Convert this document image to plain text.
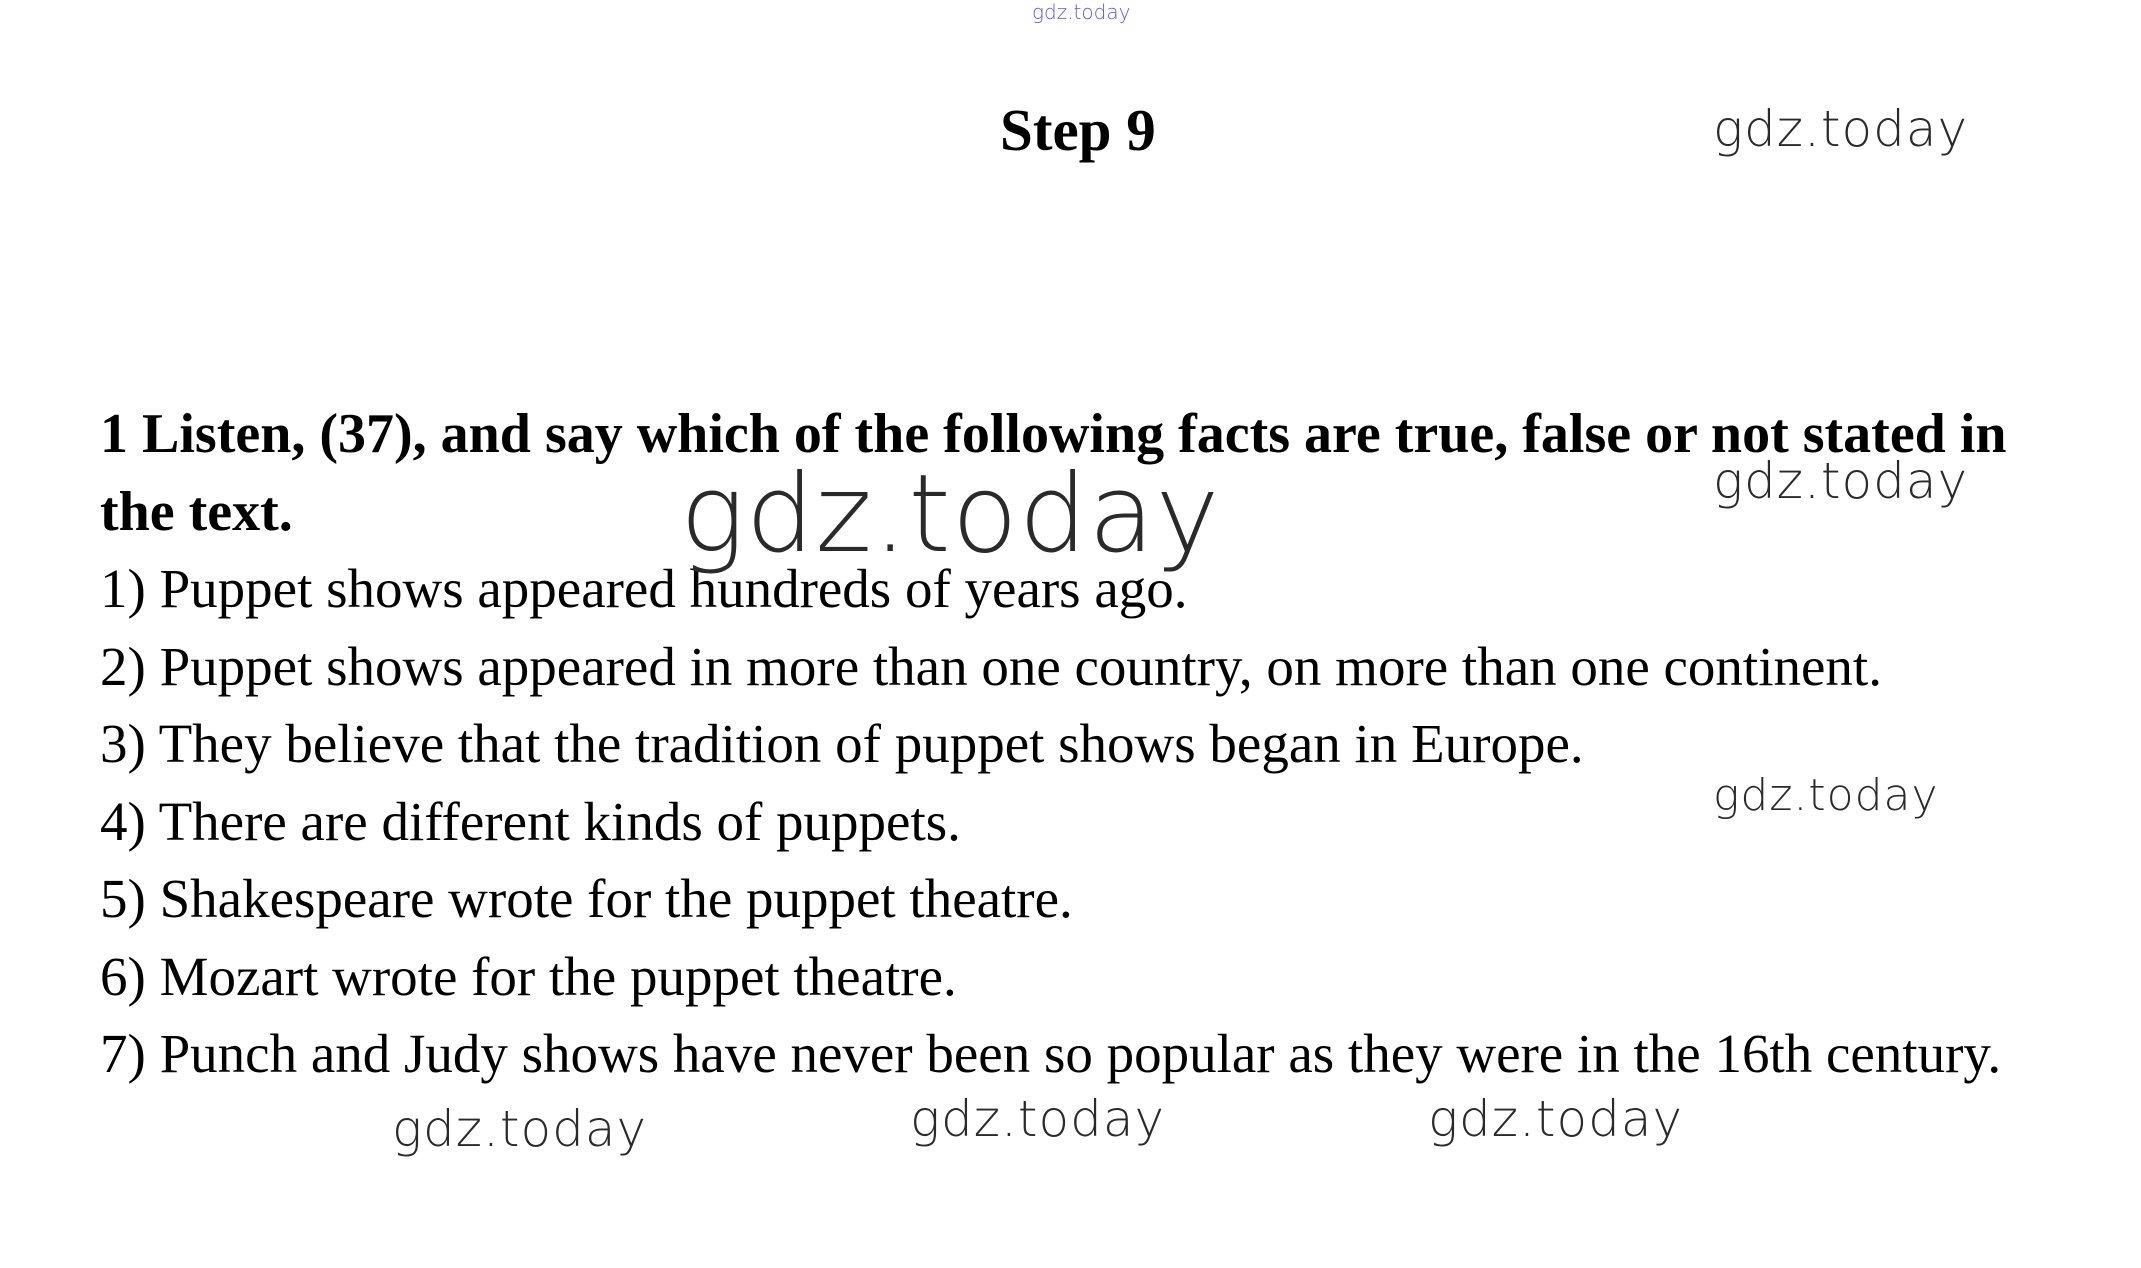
gdz.today
Step 9	gdz.today
1 Listen, (37), and say which of the following facts are true, false or not stated in the text.
1) Puppet shows appeared hundreds of years ago.
2) Puppet shows appeared in more than one country, on more than one continent.
3) They believe that the tradition of puppet shows began in Europe.
4) There are different kinds of puppets.
5) Shakespeare wrote for the puppet theatre.
6) Mozart wrote for the puppet theatre.
7) Punch and Judy shows have never been so popular as they were in the 16th century.
gdz.today	gdz.today
gdz.today
gdz.today	gdz.today	gdz.today
